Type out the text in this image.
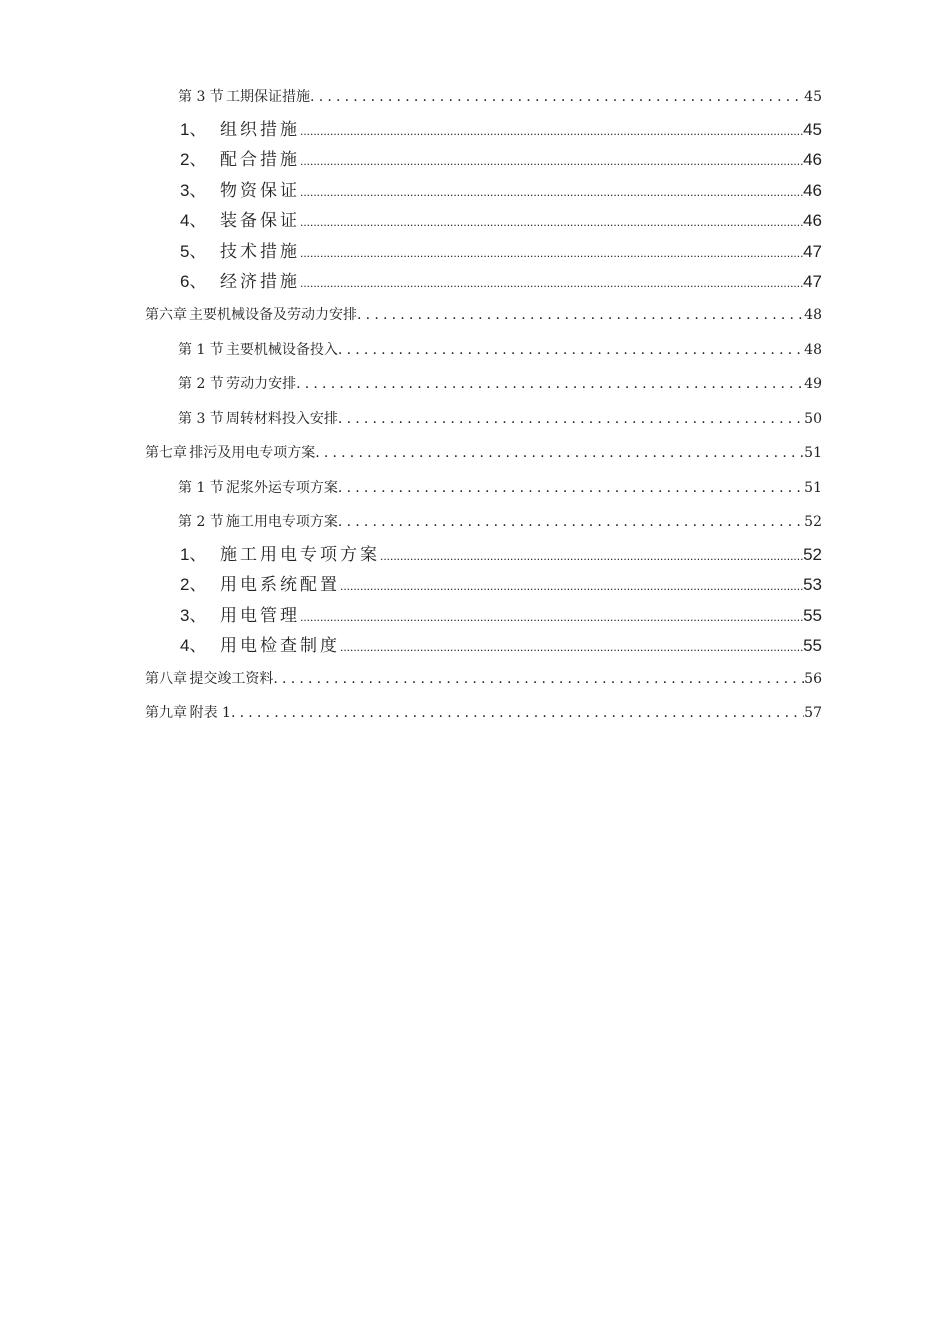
第 3 节 工期保证措施 .....	45
1、 组织措施 .....	45
2、 配合措施 .....	46
3、 物资保证 .....	46
4、 装备保证 .....	46
5、 技术措施 .....	47
6、 经济措施 .....	47
第六章 主要机械设备及劳动力安排 .....	48
第 1 节 主要机械设备投入 .....	48
第 2 节 劳动力安排 .....	49
第 3 节 周转材料投入安排 .....	50
第七章 排污及用电专项方案 .....	51
第 1 节 泥浆外运专项方案 .....	51
第 2 节 施工用电专项方案 .....	52
1、 施工用电专项方案 .....	52
2、 用电系统配置 .....	53
3、 用电管理 .....	55
4、 用电检查制度 .....	55
第八章 提交竣工资料 .....	56
第九章 附表 1 .....	57
